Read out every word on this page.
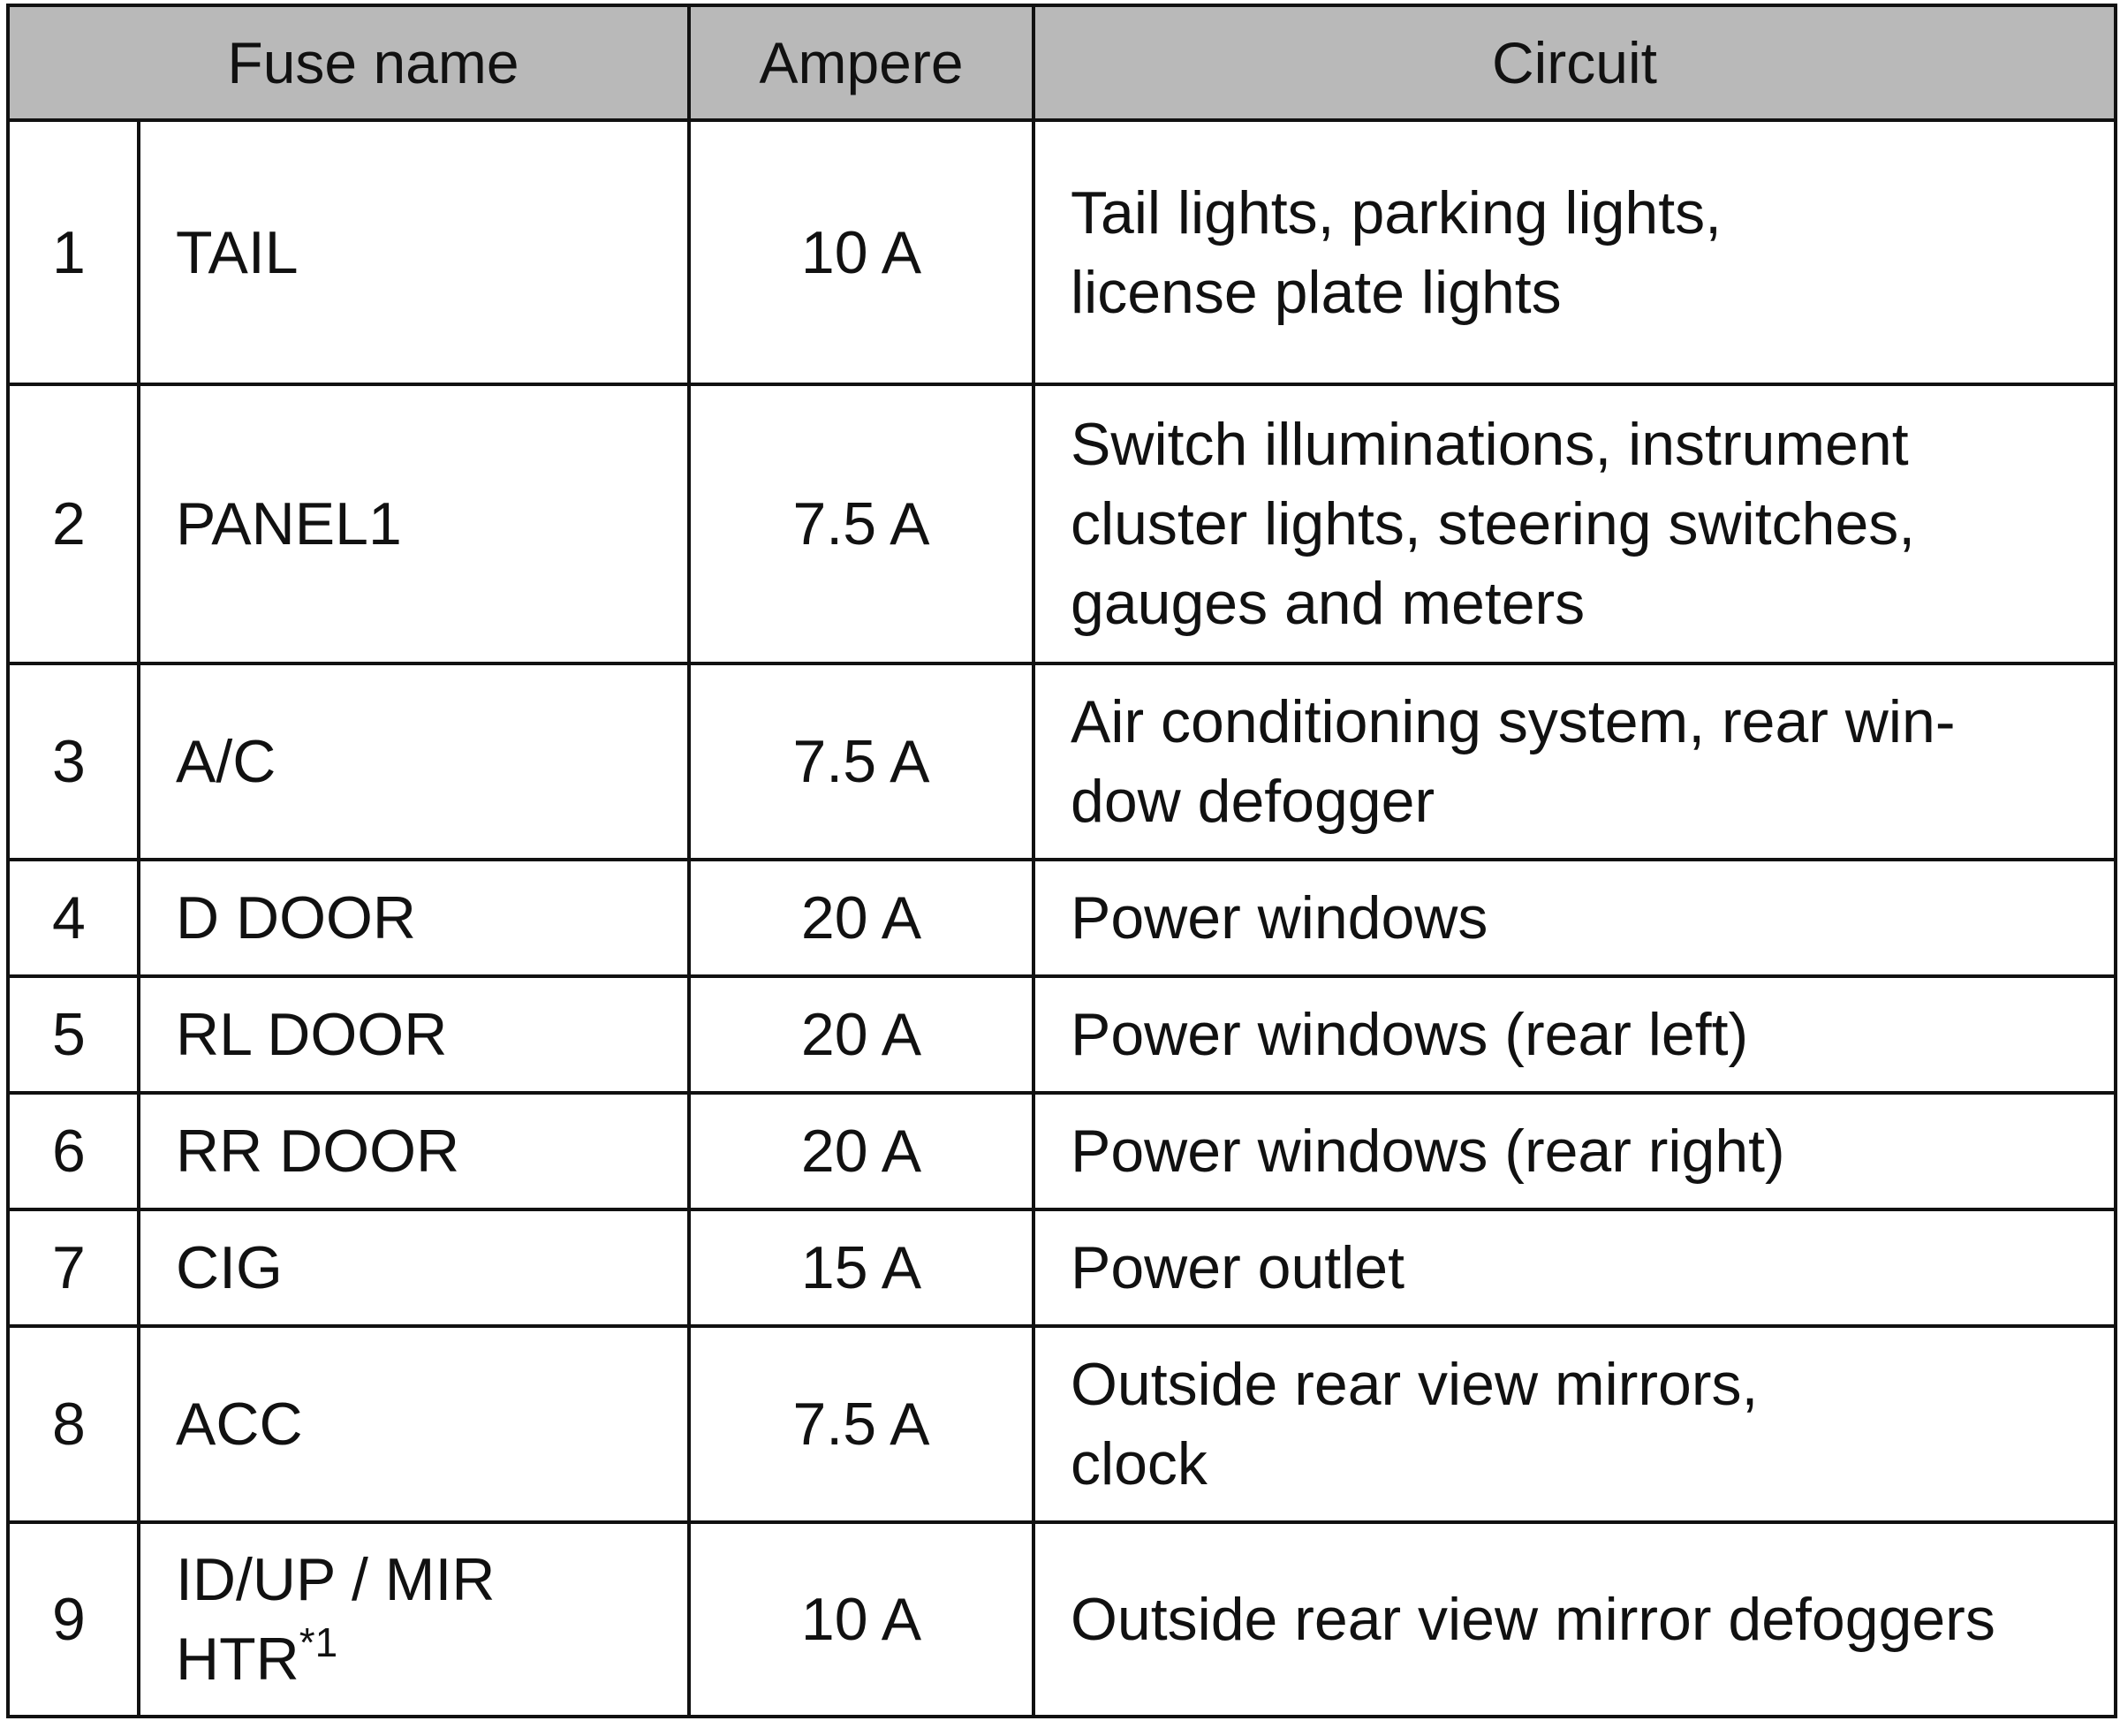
	Fuse name	Ampere	Circuit
1	TAIL	10 A	Tail lights, parking lights,
license plate lights

2	PANEL1	7.5 A	Switch illuminations, instrument
cluster lights, steering switches,
gauges and meters

3	A/C	7.5 A	Air conditioning system, rear win-
dow defogger

4	D DOOR	20 A	Power windows

5	RL DOOR	20 A	Power windows (rear left)

6	RR DOOR	20 A	Power windows (rear right)

7	CIG	15 A	Power outlet

8	ACC	7.5 A	Outside rear view mirrors,
clock

9	ID/UP / MIR
HTR$^{*1}$	10 A	Outside rear view mirror defoggers
